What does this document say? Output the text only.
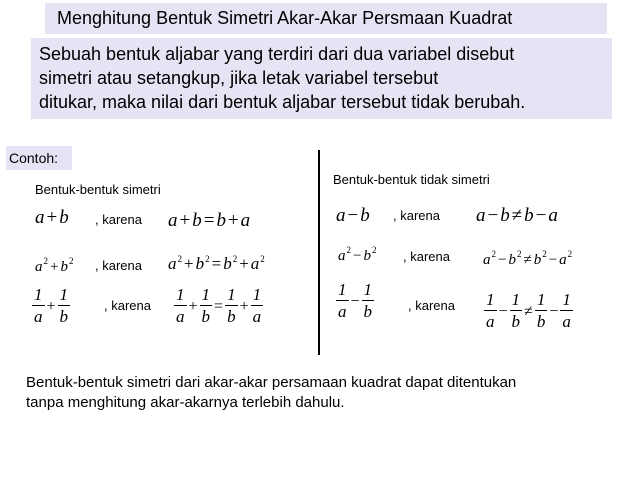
Menghitung Bentuk Simetri Akar-Akar Persmaan Kuadrat
Sebuah bentuk aljabar yang terdiri dari dua variabel disebut
simetri atau setangkup, jika letak variabel tersebut
ditukar, maka nilai dari bentuk aljabar tersebut tidak berubah.
Contoh:
Bentuk-bentuk simetri
a + b , karena a + b = b + a
$a^2 + b^2$ , karena $a^2 + b^2 = b^2 + a^2$
$\frac{1}{a} + \frac{1}{b}$	, karena $\frac{1}{a} + \frac{1}{b} = \frac{1}{b} + \frac{1}{a}$
Bentuk-bentuk tidak simetri
a − b , karena a − b ≠ b − a
$a^2 - b^2$ , karena $a^2 - b^2 \ne b^2 - a^2$
$\frac{1}{a} - \frac{1}{b}$	, karena $\frac{1}{a} - \frac{1}{b} \ne \frac{1}{b} - \frac{1}{a}$
Bentuk-bentuk simetri dari akar-akar persamaan kuadrat dapat ditentukan
tanpa menghitung akar-akarnya terlebih dahulu.
